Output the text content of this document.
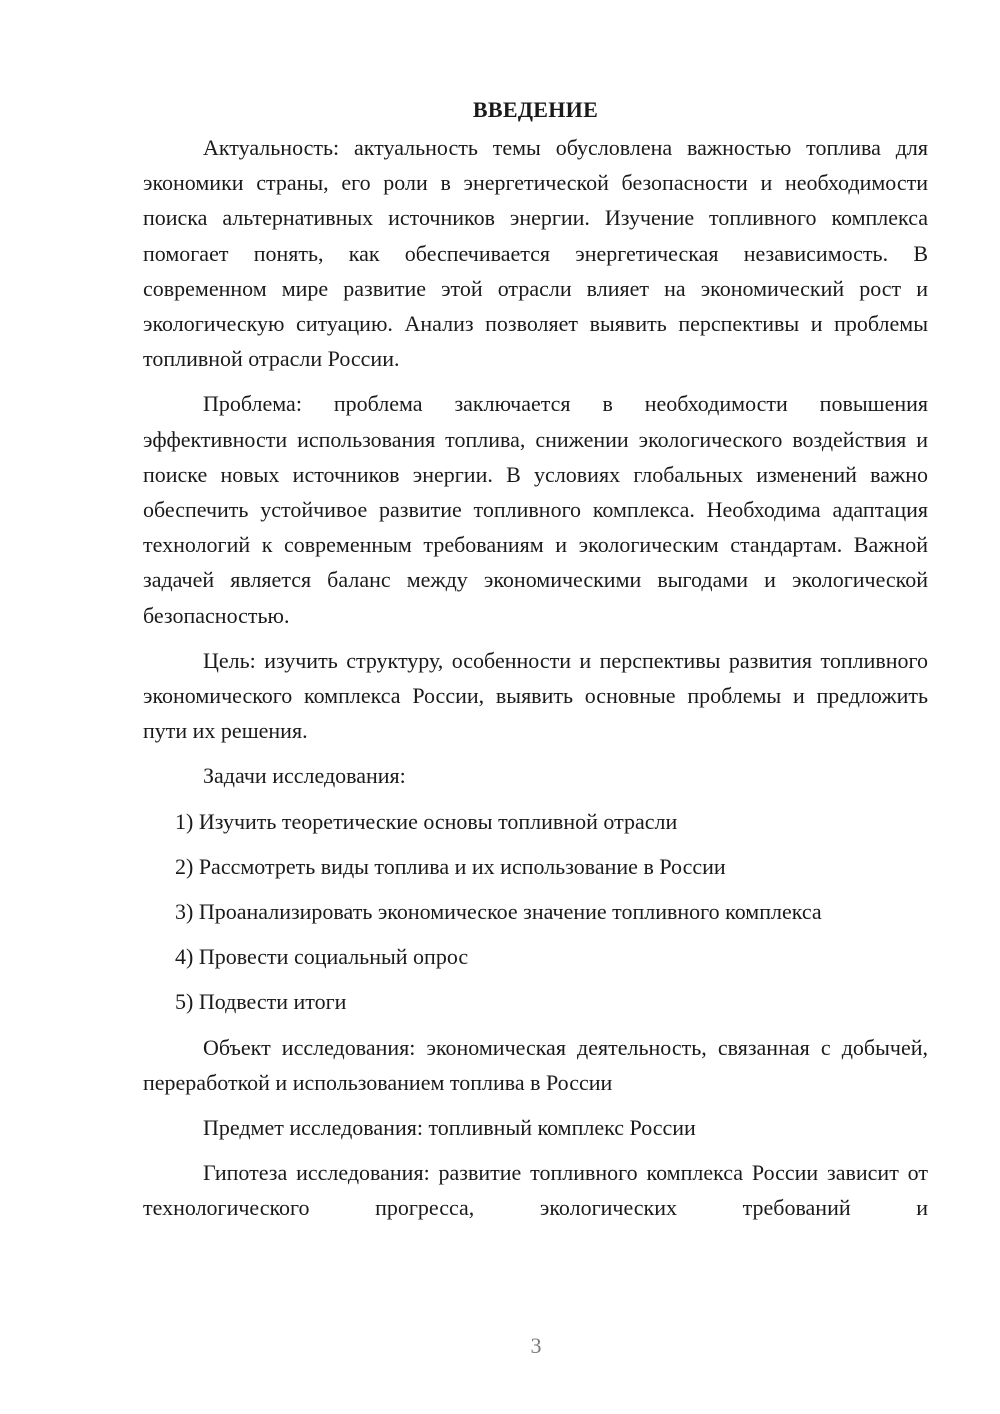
ВВЕДЕНИЕ

Актуальность: актуальность темы обусловлена важностью топлива для экономики страны, его роли в энергетической безопасности и необходимости поиска альтернативных источников энергии. Изучение топливного комплекса помогает понять, как обеспечивается энергетическая независимость. В современном мире развитие этой отрасли влияет на экономический рост и экологическую ситуацию. Анализ позволяет выявить перспективы и проблемы топливной отрасли России.

Проблема: проблема заключается в необходимости повышения эффективности использования топлива, снижении экологического воздействия и поиске новых источников энергии. В условиях глобальных изменений важно обеспечить устойчивое развитие топливного комплекса. Необходима адаптация технологий к современным требованиям и экологическим стандартам. Важной задачей является баланс между экономическими выгодами и экологической безопасностью.

Цель: изучить структуру, особенности и перспективы развития топливного экономического комплекса России, выявить основные проблемы и предложить пути их решения.

Задачи исследования:

1) Изучить теоретические основы топливной отрасли
2) Рассмотреть виды топлива и их использование в России
3) Проанализировать экономическое значение топливного комплекса
4) Провести социальный опрос
5) Подвести итоги

Объект исследования: экономическая деятельность, связанная с добычей, переработкой и использованием топлива в России

Предмет исследования: топливный комплекс России

Гипотеза исследования: развитие топливного комплекса России зависит от технологического прогресса, экологических требований и

3
